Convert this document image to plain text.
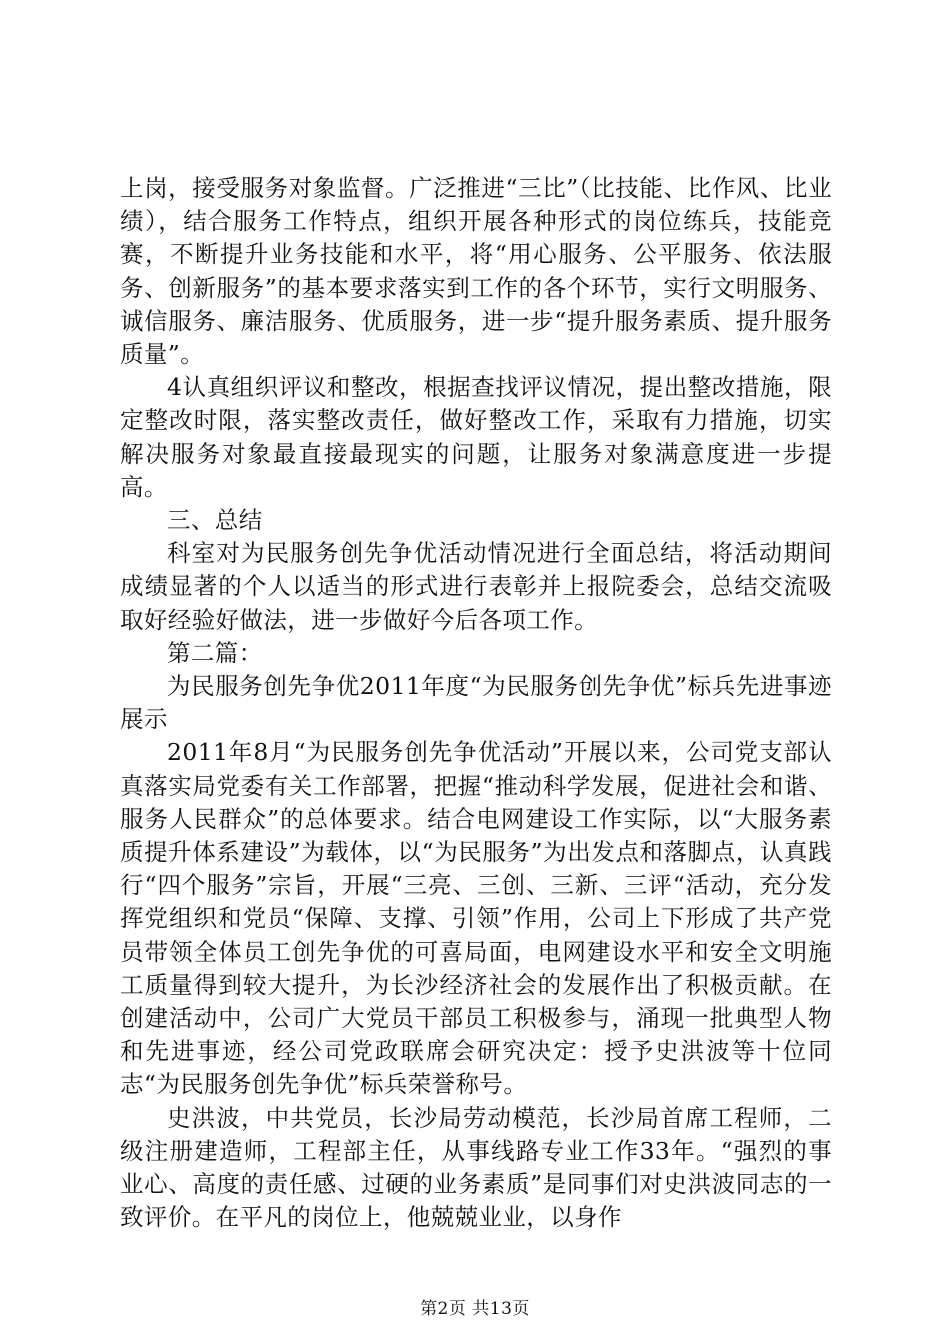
上岗，接受服务对象监督。广泛推进“三比”（比技能、比作风、比业绩），结合服务工作特点，组织开展各种形式的岗位练兵，技能竞赛，不断提升业务技能和水平，将“用心服务、公平服务、依法服务、创新服务”的基本要求落实到工作的各个环节，实行文明服务、诚信服务、廉洁服务、优质服务，进一步“提升服务素质、提升服务质量”。

4认真组织评议和整改，根据查找评议情况，提出整改措施，限定整改时限，落实整改责任，做好整改工作，采取有力措施，切实解决服务对象最直接最现实的问题，让服务对象满意度进一步提高。

三、总结

科室对为民服务创先争优活动情况进行全面总结，将活动期间成绩显著的个人以适当的形式进行表彰并上报院委会，总结交流吸取好经验好做法，进一步做好今后各项工作。

第二篇：

为民服务创先争优2011年度“为民服务创先争优”标兵先进事迹展示

2011年8月“为民服务创先争优活动”开展以来，公司党支部认真落实局党委有关工作部署，把握“推动科学发展，促进社会和谐、服务人民群众”的总体要求。结合电网建设工作实际，以“大服务素质提升体系建设”为载体，以“为民服务”为出发点和落脚点，认真践行“四个服务”宗旨，开展“三亮、三创、三新、三评“活动，充分发挥党组织和党员“保障、支撑、引领”作用，公司上下形成了共产党员带领全体员工创先争优的可喜局面，电网建设水平和安全文明施工质量得到较大提升，为长沙经济社会的发展作出了积极贡献。在创建活动中，公司广大党员干部员工积极参与，涌现一批典型人物和先进事迹，经公司党政联席会研究决定：授予史洪波等十位同志“为民服务创先争优”标兵荣誉称号。

史洪波，中共党员，长沙局劳动模范，长沙局首席工程师，二级注册建造师，工程部主任，从事线路专业工作33年。“强烈的事业心、高度的责任感、过硬的业务素质”是同事们对史洪波同志的一致评价。在平凡的岗位上，他兢兢业业，以身作

第2页 共13页
